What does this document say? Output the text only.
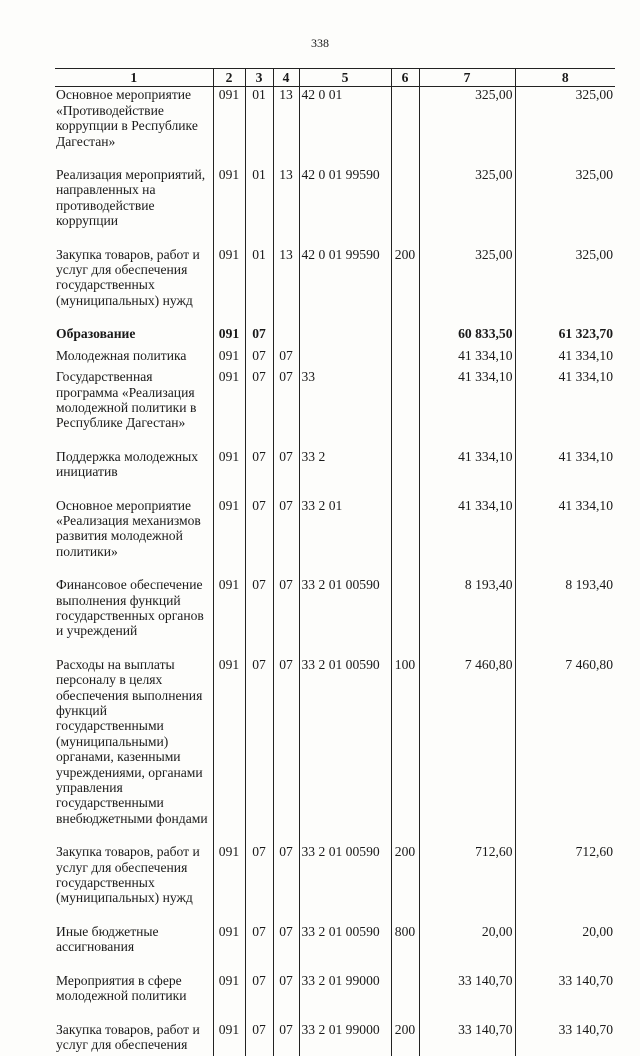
338
1	2	3	4	5	6	7	8
Основное мероприятие «Противодействие коррупции в Республике Дагестан»	091	01	13	42 0 01		325,00	325,00
Реализация мероприятий, направленных на противодействие коррупции	091	01	13	42 0 01 99590		325,00	325,00
Закупка товаров, работ и услуг для обеспечения государственных (муниципальных) нужд	091	01	13	42 0 01 99590	200	325,00	325,00
Образование	091	07				60 833,50	61 323,70
Молодежная политика	091	07	07			41 334,10	41 334,10
Государственная программа «Реализация молодежной политики в Республике Дагестан»	091	07	07	33		41 334,10	41 334,10
Поддержка молодежных инициатив	091	07	07	33 2		41 334,10	41 334,10
Основное мероприятие «Реализация механизмов развития молодежной политики»	091	07	07	33 2 01		41 334,10	41 334,10
Финансовое обеспечение выполнения функций государственных органов и учреждений	091	07	07	33 2 01 00590		8 193,40	8 193,40
Расходы на выплаты персоналу в целях обеспечения выполнения функций государственными (муниципальными) органами, казенными учреждениями, органами управления государственными внебюджетными фондами	091	07	07	33 2 01 00590	100	7 460,80	7 460,80
Закупка товаров, работ и услуг для обеспечения государственных (муниципальных) нужд	091	07	07	33 2 01 00590	200	712,60	712,60
Иные бюджетные ассигнования	091	07	07	33 2 01 00590	800	20,00	20,00
Мероприятия в сфере молодежной политики	091	07	07	33 2 01 99000		33 140,70	33 140,70
Закупка товаров, работ и услуг для обеспечения	091	07	07	33 2 01 99000	200	33 140,70	33 140,70
